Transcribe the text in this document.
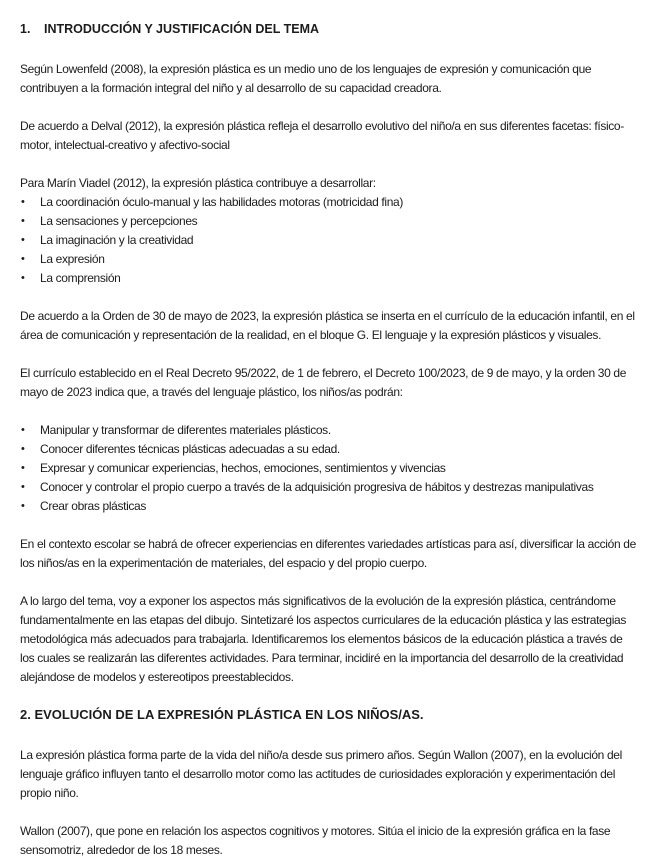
1. INTRODUCCIÓN Y JUSTIFICACIÓN DEL TEMA

Según Lowenfeld (2008), la expresión plástica es un medio uno de los lenguajes de expresión y comunicación que contribuyen a la formación integral del niño y al desarrollo de su capacidad creadora.

De acuerdo a Delval (2012), la expresión plástica refleja el desarrollo evolutivo del niño/a en sus diferentes facetas: físico-motor, intelectual-creativo y afectivo-social

Para Marín Viadel (2012), la expresión plástica contribuye a desarrollar:

• La coordinación óculo-manual y las habilidades motoras (motricidad fina)
• La sensaciones y percepciones
• La imaginación y la creatividad
• La expresión
• La comprensión

De acuerdo a la Orden de 30 de mayo de 2023, la expresión plástica se inserta en el currículo de la educación infantil, en el área de comunicación y representación de la realidad, en el bloque G. El lenguaje y la expresión plásticos y visuales.

El currículo establecido en el Real Decreto 95/2022, de 1 de febrero, el Decreto 100/2023, de 9 de mayo, y la orden 30 de mayo de 2023 indica que, a través del lenguaje plástico, los niños/as podrán:

• Manipular y transformar de diferentes materiales plásticos.
• Conocer diferentes técnicas plásticas adecuadas a su edad.
• Expresar y comunicar experiencias, hechos, emociones, sentimientos y vivencias
• Conocer y controlar el propio cuerpo a través de la adquisición progresiva de hábitos y destrezas manipulativas
• Crear obras plásticas

En el contexto escolar se habrá de ofrecer experiencias en diferentes variedades artísticas para así, diversificar la acción de los niños/as en la experimentación de materiales, del espacio y del propio cuerpo.

A lo largo del tema, voy a exponer los aspectos más significativos de la evolución de la expresión plástica, centrándome fundamentalmente en las etapas del dibujo. Sintetizaré los aspectos curriculares de la educación plástica y las estrategias metodológica más adecuados para trabajarla. Identificaremos los elementos básicos de la educación plástica a través de los cuales se realizarán las diferentes actividades. Para terminar, incidiré en la importancia del desarrollo de la creatividad alejándose de modelos y estereotipos preestablecidos.

2. EVOLUCIÓN DE LA EXPRESIÓN PLÁSTICA EN LOS NIÑOS/AS.

La expresión plástica forma parte de la vida del niño/a desde sus primero años. Según Wallon (2007), en la evolución del lenguaje gráfico influyen tanto el desarrollo motor como las actitudes de curiosidades exploración y experimentación del propio niño.

Wallon (2007), que pone en relación los aspectos cognitivos y motores. Sitúa el inicio de la expresión gráfica en la fase sensomotriz, alrededor de los 18 meses.
